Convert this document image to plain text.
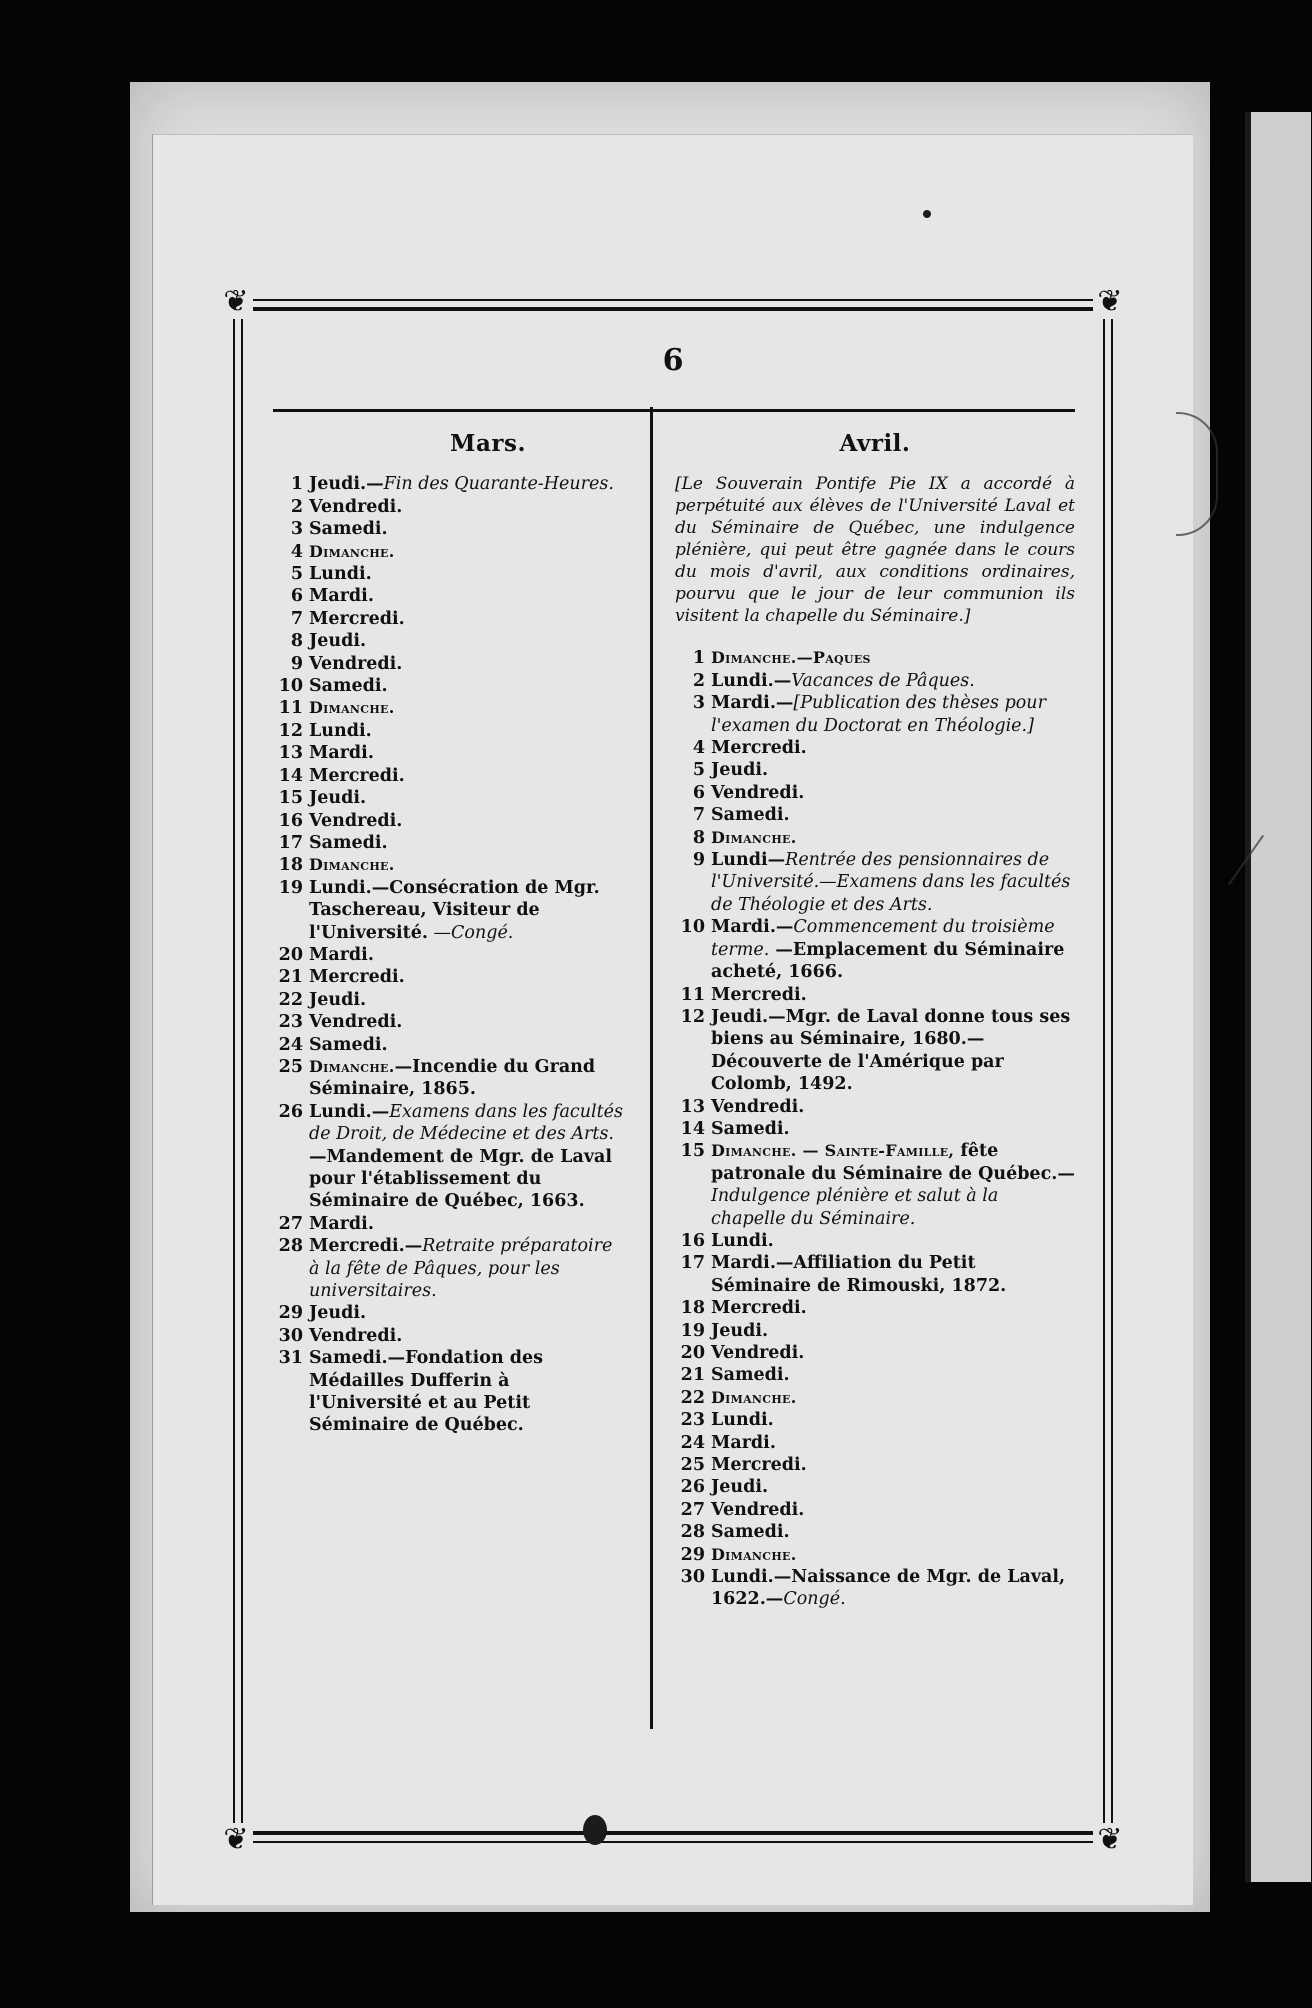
❦	❦
❦	❦
6
Mars.
1 Jeudi.—Fin des Quarante-Heures.
2 Vendredi.
3 Samedi.
4 Dimanche.
5 Lundi.
6 Mardi.
7 Mercredi.
8 Jeudi.
9 Vendredi.
10 Samedi.
11 Dimanche.
12 Lundi.
13 Mardi.
14 Mercredi.
15 Jeudi.
16 Vendredi.
17 Samedi.
18 Dimanche.
19 Lundi.—Consécration de Mgr. Taschereau, Visiteur de l'Université. —Congé.
20 Mardi.
21 Mercredi.
22 Jeudi.
23 Vendredi.
24 Samedi.
25 Dimanche.—Incendie du Grand Séminaire, 1865.
26 Lundi.—Examens dans les facultés de Droit, de Médecine et des Arts.—Mandement de Mgr. de Laval pour l'établissement du Séminaire de Québec, 1663.
27 Mardi.
28 Mercredi.—Retraite préparatoire à la fête de Pâques, pour les universitaires.
29 Jeudi.
30 Vendredi.
31 Samedi.—Fondation des Médailles Dufferin à l'Université et au Petit Séminaire de Québec.
Avril.

[Le Souverain Pontife Pie IX a accordé à perpétuité aux élèves de l'Université Laval et du Séminaire de Québec, une indulgence plénière, qui peut être gagnée dans le cours du mois d'avril, aux conditions ordinaires, pourvu que le jour de leur communion ils visitent la chapelle du Séminaire.]

1 Dimanche.—Paques
2 Lundi.—Vacances de Pâques.
3 Mardi.—[Publication des thèses pour l'examen du Doctorat en Théologie.]
4 Mercredi.
5 Jeudi.
6 Vendredi.
7 Samedi.
8 Dimanche.
9 Lundi—Rentrée des pensionnaires de l'Université.—Examens dans les facultés de Théologie et des Arts.
10 Mardi.—Commencement du troisième terme. —Emplacement du Séminaire acheté, 1666.
11 Mercredi.
12 Jeudi.—Mgr. de Laval donne tous ses biens au Séminaire, 1680.—Découverte de l'Amérique par Colomb, 1492.
13 Vendredi.
14 Samedi.
15 Dimanche. — Sainte-Famille, fête patronale du Séminaire de Québec.—Indulgence plénière et salut à la chapelle du Séminaire.
16 Lundi.
17 Mardi.—Affiliation du Petit Séminaire de Rimouski, 1872.
18 Mercredi.
19 Jeudi.
20 Vendredi.
21 Samedi.
22 Dimanche.
23 Lundi.
24 Mardi.
25 Mercredi.
26 Jeudi.
27 Vendredi.
28 Samedi.
29 Dimanche.
30 Lundi.—Naissance de Mgr. de Laval, 1622.—Congé.
